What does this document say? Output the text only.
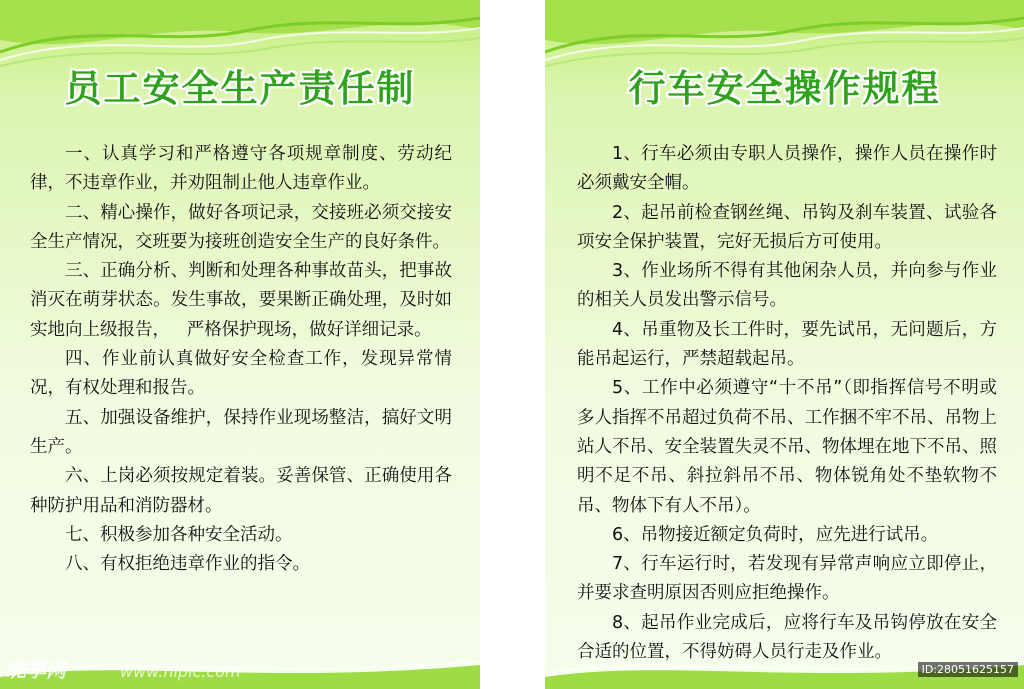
员工安全生产责任制

一、认真学习和严格遵守各项规章制度、劳动纪律，不违章作业，并劝阻制止他人违章作业。

二、精心操作，做好各项记录，交接班必须交接安全生产情况，交班要为接班创造安全生产的良好条件。

三、正确分析、判断和处理各种事故苗头，把事故消灭在萌芽状态。发生事故，要果断正确处理，及时如实地向上级报告，   严格保护现场，做好详细记录。

四、作业前认真做好安全检查工作，发现异常情况，有权处理和报告。

五、加强设备维护，保持作业现场整洁，搞好文明生产。

六、上岗必须按规定着装。妥善保管、正确使用各种防护用品和消防器材。

七、积极参加各种安全活动。

八、有权拒绝违章作业的指令。

昵享网	www.nipic.com
行车安全操作规程

1、行车必须由专职人员操作，操作人员在操作时必须戴安全帽。

2、起吊前检查钢丝绳、吊钩及刹车装置、试验各项安全保护装置，完好无损后方可使用。

3、作业场所不得有其他闲杂人员，并向参与作业的相关人员发出警示信号。

4、吊重物及长工件时，要先试吊，无问题后，方能吊起运行，严禁超载起吊。

5、工作中必须遵守“十不吊”（即指挥信号不明或多人指挥不吊超过负荷不吊、工作捆不牢不吊、吊物上站人不吊、安全装置失灵不吊、物体埋在地下不吊、照明不足不吊、斜拉斜吊不吊、物体锐角处不垫软物不吊、物体下有人不吊）。

6、吊物接近额定负荷时，应先进行试吊。

7、行车运行时，若发现有异常声响应立即停止，并要求查明原因否则应拒绝操作。

8、起吊作业完成后，应将行车及吊钩停放在安全合适的位置，不得妨碍人员行走及作业。

ID:28051625157
